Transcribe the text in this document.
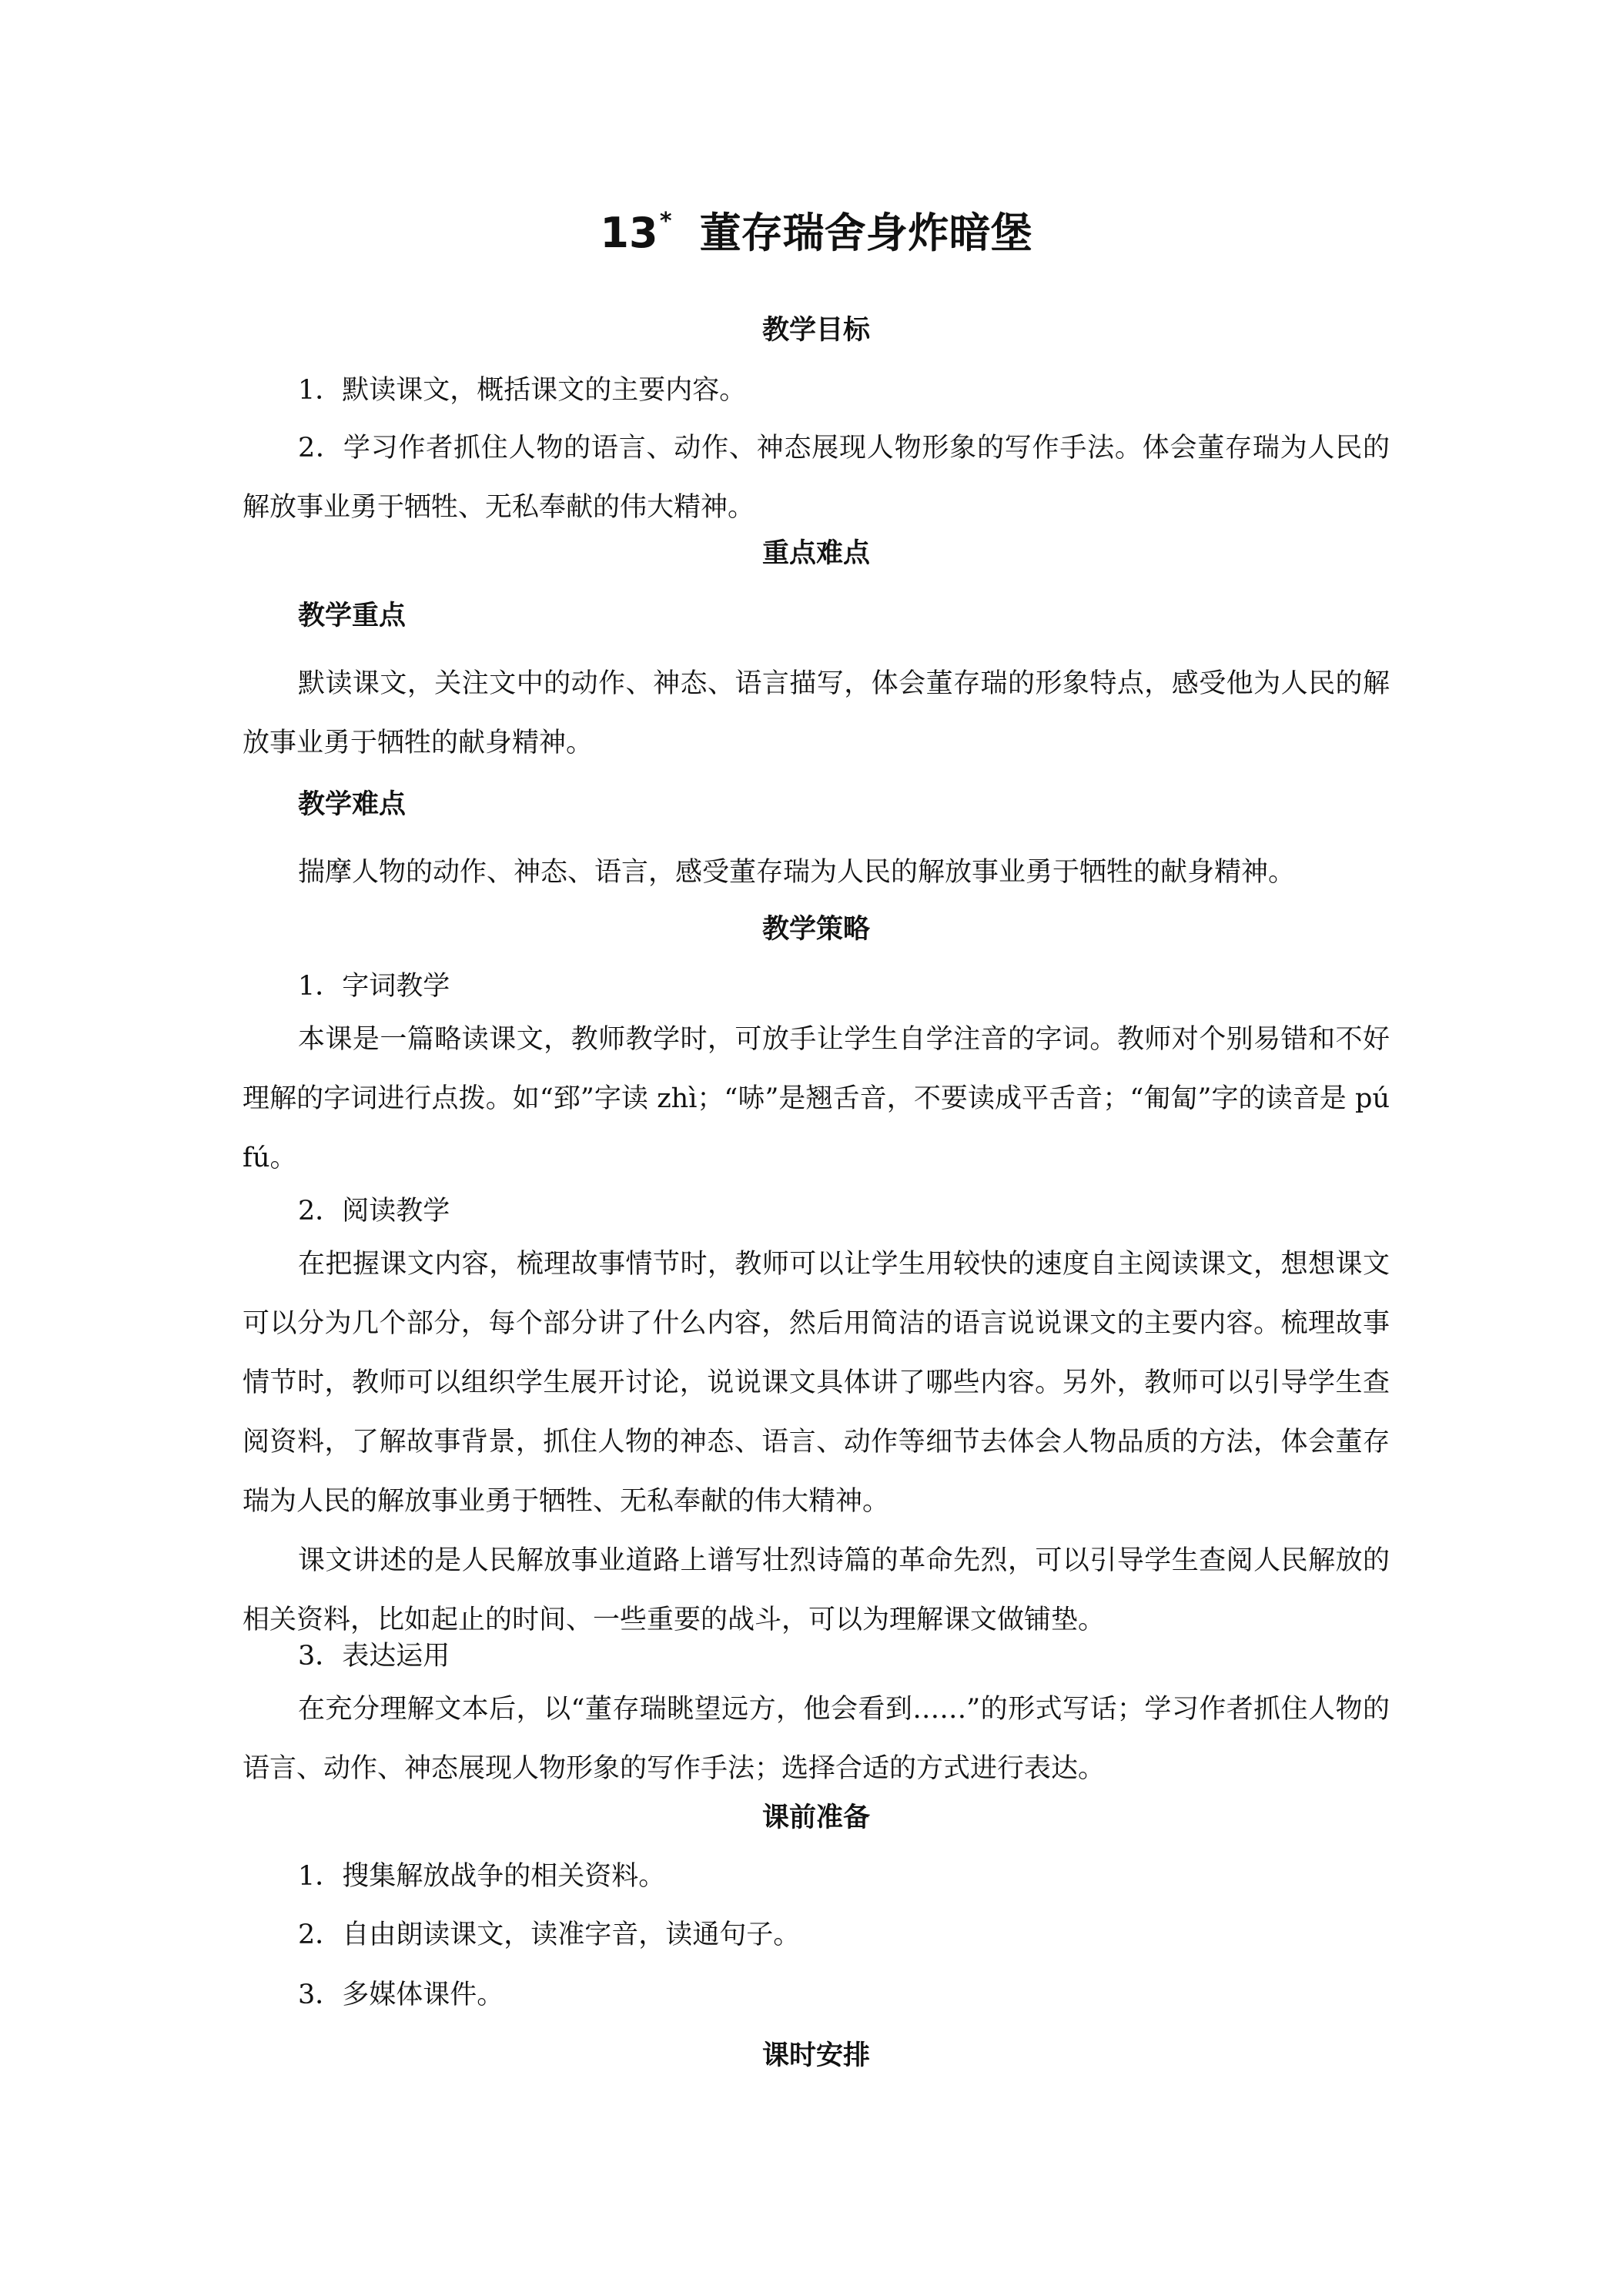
13 * 董存瑞舍身炸暗堡
教学目标
1．默读课文，概括课文的主要内容。
2．学习作者抓住人物的语言、动作、神态展现人物形象的写作手法。体会董存瑞为人民的解放事业勇于牺牲、无私奉献的伟大精神。
重点难点
教学重点
默读课文，关注文中的动作、神态、语言描写，体会董存瑞的形象特点，感受他为人民的解放事业勇于牺牲的献身精神。
教学难点
揣摩人物的动作、神态、语言，感受董存瑞为人民的解放事业勇于牺牲的献身精神。
教学策略
1．字词教学
本课是一篇略读课文，教师教学时，可放手让学生自学注音的字词。教师对个别易错和不好理解的字词进行点拨。如“郅”字读 zhì；“哧”是翘舌音，不要读成平舌音；“匍匐”字的读音是 pú fú。
2．阅读教学
在把握课文内容，梳理故事情节时，教师可以让学生用较快的速度自主阅读课文，想想课文可以分为几个部分，每个部分讲了什么内容，然后用简洁的语言说说课文的主要内容。梳理故事情节时，教师可以组织学生展开讨论，说说课文具体讲了哪些内容。另外，教师可以引导学生查阅资料，了解故事背景，抓住人物的神态、语言、动作等细节去体会人物品质的方法，体会董存瑞为人民的解放事业勇于牺牲、无私奉献的伟大精神。
课文讲述的是人民解放事业道路上谱写壮烈诗篇的革命先烈，可以引导学生查阅人民解放的相关资料，比如起止的时间、一些重要的战斗，可以为理解课文做铺垫。
3．表达运用
在充分理解文本后，以“董存瑞眺望远方，他会看到……”的形式写话；学习作者抓住人物的语言、动作、神态展现人物形象的写作手法；选择合适的方式进行表达。
课前准备
1．搜集解放战争的相关资料。
2．自由朗读课文，读准字音，读通句子。
3．多媒体课件。
课时安排
